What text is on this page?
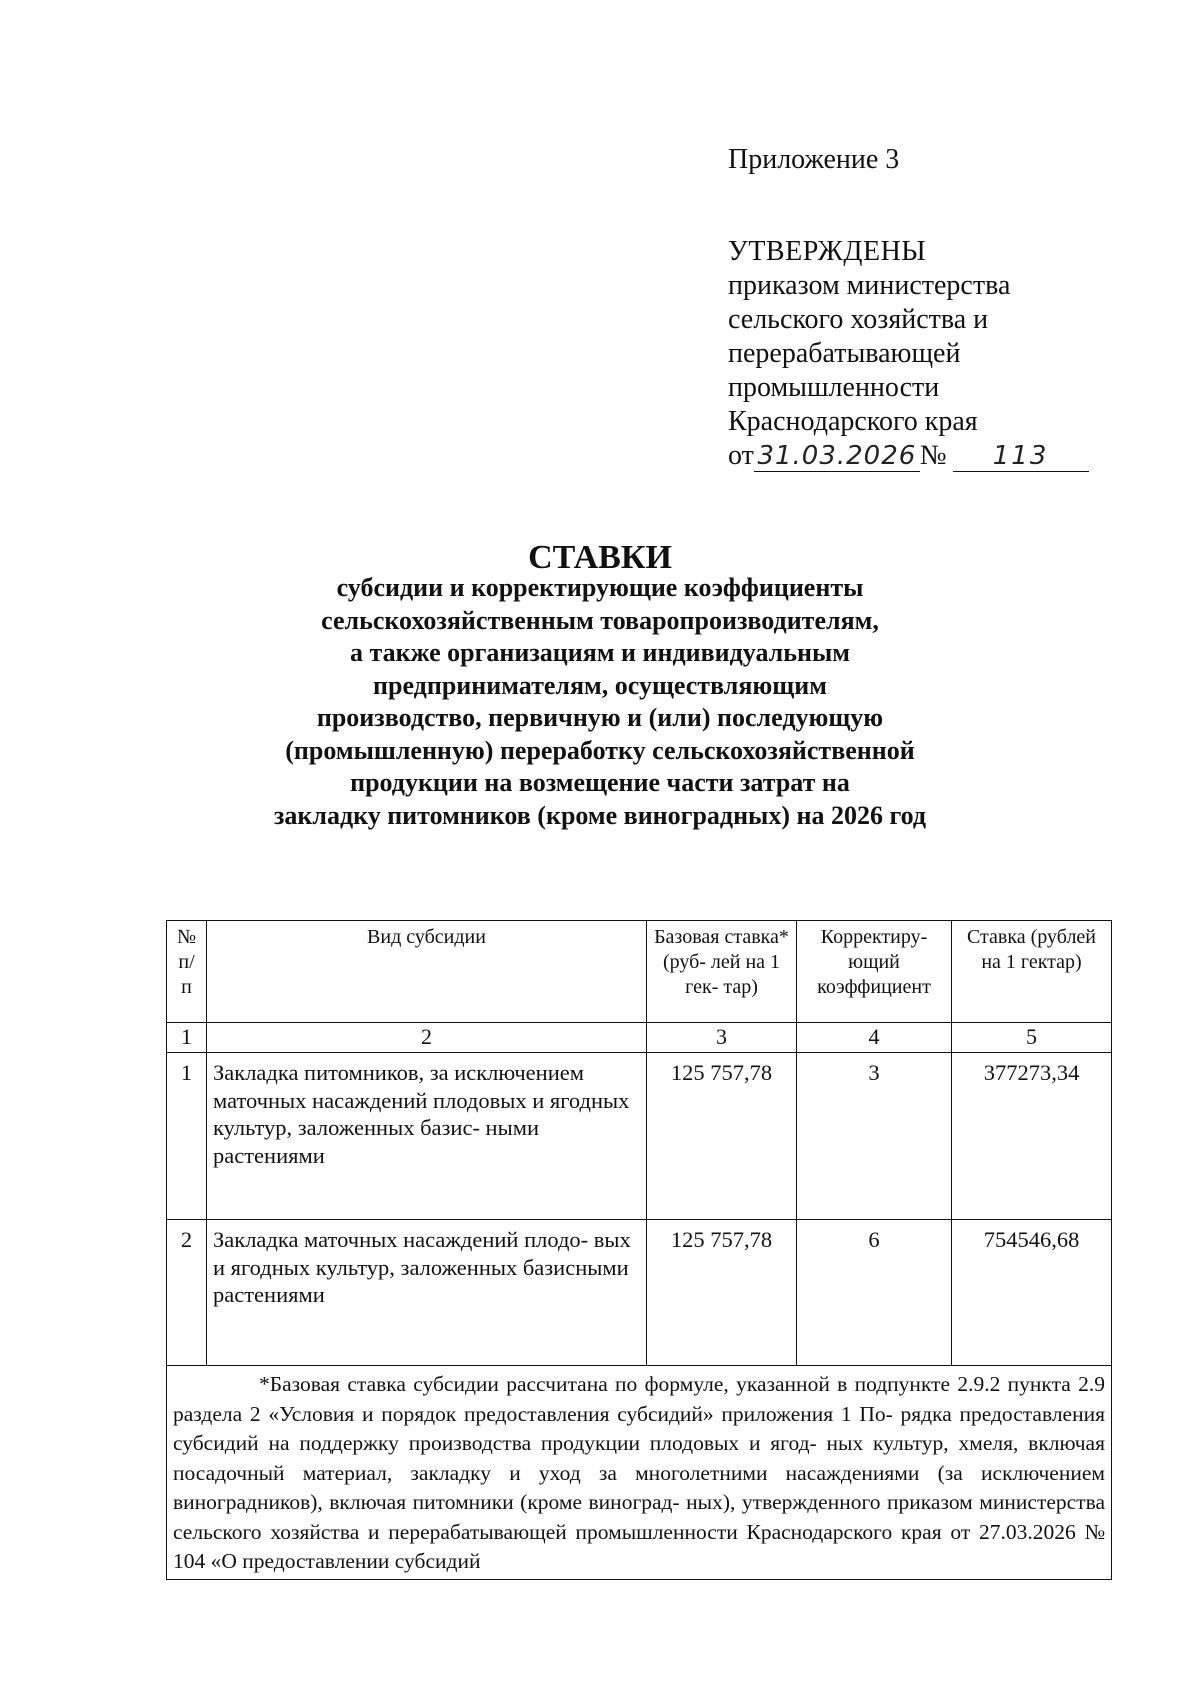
Приложение 3
УТВЕРЖДЕНЫ
приказом министерства
сельского хозяйства и
перерабатывающей
промышленности
Краснодарского края
от 31.03.2026 № 113
СТАВКИ
субсидии и корректирующие коэффициенты
сельскохозяйственным товаропроизводителям,
а также организациям и индивидуальным
предпринимателям, осуществляющим
производство, первичную и (или) последующую
(промышленную) переработку сельскохозяйственной
продукции на возмещение части затрат на
закладку питомников (кроме виноградных) на 2026 год
№ п/ п	Вид субсидии	Базовая ставка* (руб- лей на 1 гек- тар)	Корректиру- ющий коэффициент	Ставка (рублей на 1 гектар)
1	2	3	4	5
1	Закладка питомников, за исключением маточных насаждений плодовых и ягодных культур, заложенных базис- ными растениями	125 757,78	3	377273,34
2	Закладка маточных насаждений плодо- вых и ягодных культур, заложенных базисными растениями	125 757,78	6	754546,68

*Базовая ставка субсидии рассчитана по формуле, указанной в подпункте 2.9.2 пункта 2.9 раздела 2 «Условия и порядок предоставления субсидий» приложения 1 По- рядка предоставления субсидий на поддержку производства продукции плодовых и ягод- ных культур, хмеля, включая посадочный материал, закладку и уход за многолетними насаждениями (за исключением виноградников), включая питомники (кроме виноград- ных), утвержденного приказом министерства сельского хозяйства и перерабатывающей промышленности Краснодарского края от 27.03.2026 № 104 «О предоставлении субсидий				
